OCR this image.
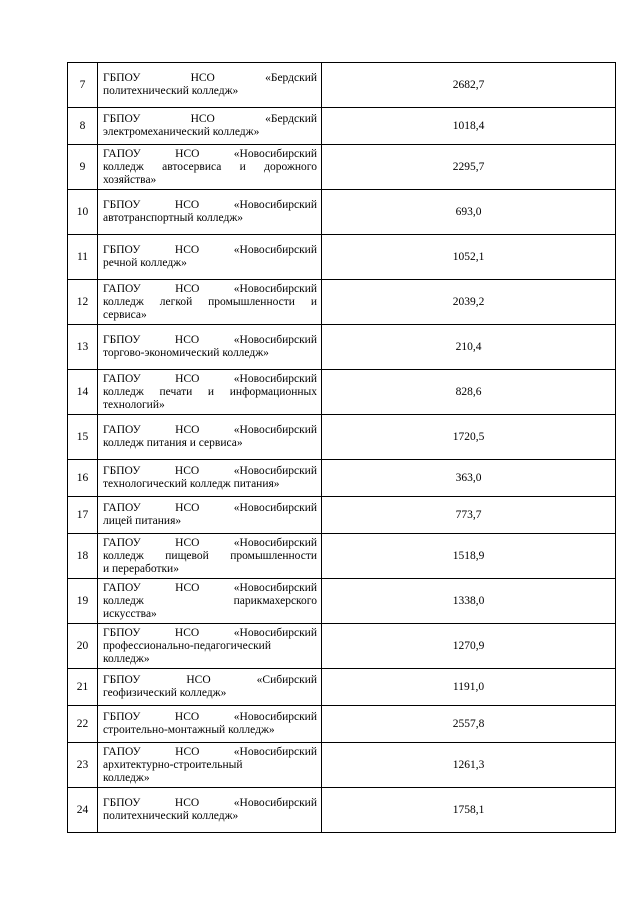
7	ГБПОУ НСО «Бердский
политехнический колледж»	2682,7
8	ГБПОУ НСО «Бердский
электромеханический колледж»	1018,4
9	ГАПОУ НСО «Новосибирский
колледж автосервиса и дорожного
хозяйства»	2295,7
10	ГБПОУ НСО «Новосибирский
автотранспортный колледж»	693,0
11	ГБПОУ НСО «Новосибирский
речной колледж»	1052,1
12	ГАПОУ НСО «Новосибирский
колледж легкой промышленности и
сервиса»	2039,2
13	ГБПОУ НСО «Новосибирский
торгово-экономический колледж»	210,4
14	ГАПОУ НСО «Новосибирский
колледж печати и информационных
технологий»	828,6
15	ГАПОУ НСО «Новосибирский
колледж питания и сервиса»	1720,5
16	ГБПОУ НСО «Новосибирский
технологический колледж питания»	363,0
17	ГАПОУ НСО «Новосибирский
лицей питания»	773,7
18	ГАПОУ НСО «Новосибирский
колледж пищевой промышленности
и переработки»	1518,9
19	ГАПОУ НСО «Новосибирский
колледж парикмахерского
искусства»	1338,0
20	ГБПОУ НСО «Новосибирский
профессионально-педагогический
колледж»	1270,9
21	ГБПОУ НСО «Сибирский
геофизический колледж»	1191,0
22	ГБПОУ НСО «Новосибирский
строительно-монтажный колледж»	2557,8
23	ГАПОУ НСО «Новосибирский
архитектурно-строительный
колледж»	1261,3
24	ГБПОУ НСО «Новосибирский
политехнический колледж»	1758,1
